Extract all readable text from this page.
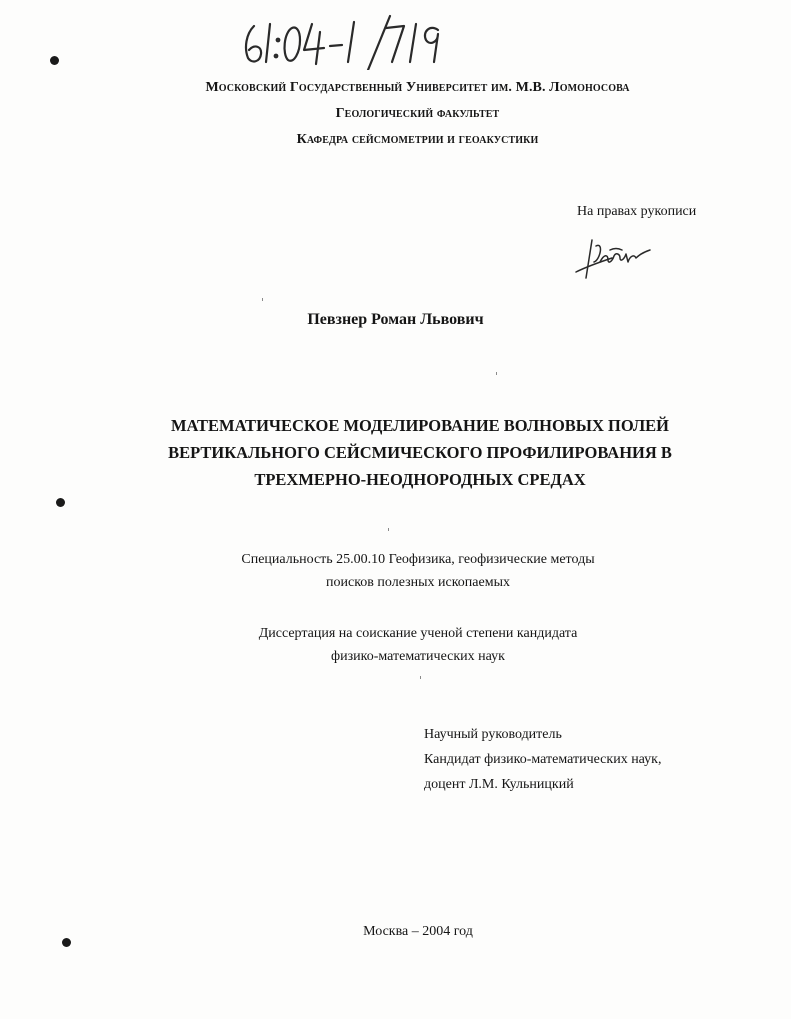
Московский Государственный Университет им. М.В. Ломоносова
Геологический факультет
Кафедра сейсмометрии и геоакустики
На правах рукописи
Певзнер Роман Львович
МАТЕМАТИЧЕСКОЕ МОДЕЛИРОВАНИЕ ВОЛНОВЫХ ПОЛЕЙ
ВЕРТИКАЛЬНОГО СЕЙСМИЧЕСКОГО ПРОФИЛИРОВАНИЯ В
ТРЕХМЕРНО-НЕОДНОРОДНЫХ СРЕДАХ
Специальность 25.00.10 Геофизика, геофизические методы
поисков полезных ископаемых
Диссертация на соискание ученой степени кандидата
физико-математических наук
Научный руководитель
Кандидат физико-математических наук,
доцент Л.М. Кульницкий
Москва – 2004 год
